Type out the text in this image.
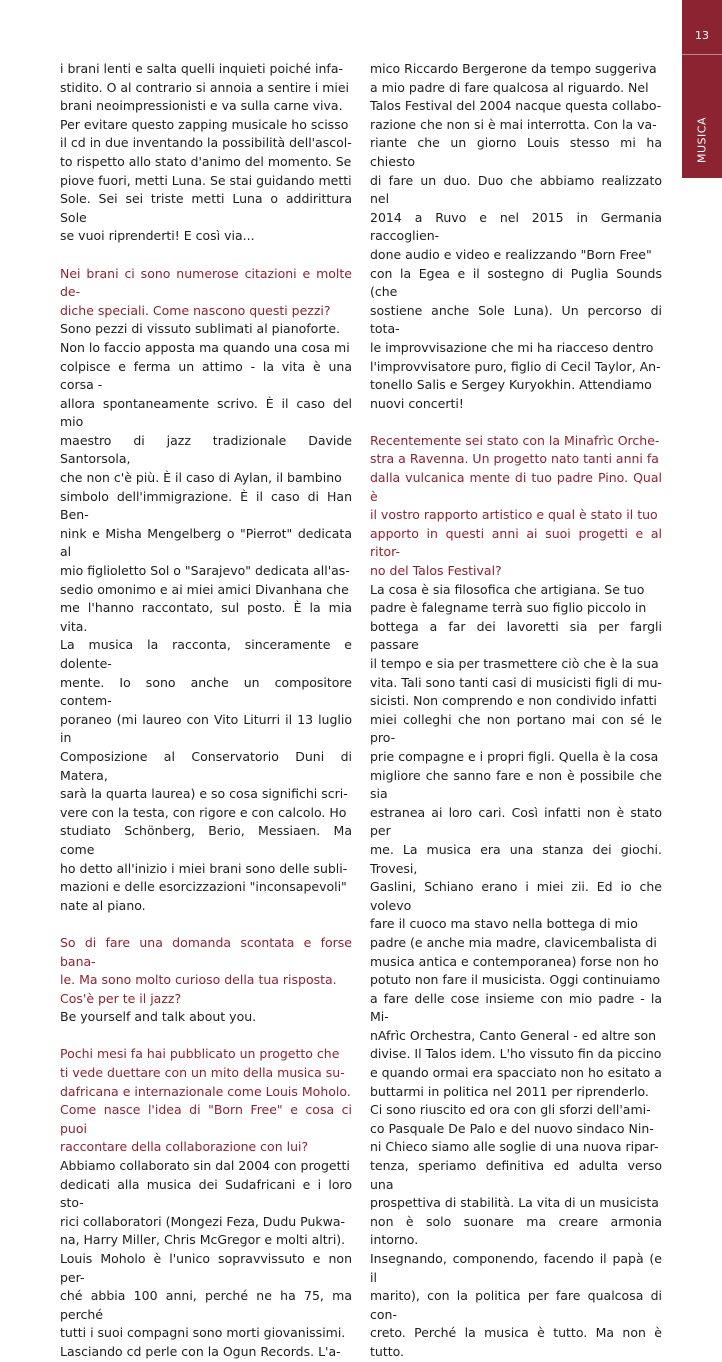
13
MUSICA

i brani lenti e salta quelli inquieti poiché infa-
stidito. O al contrario si annoia a sentire i miei
brani neoimpressionisti e va sulla carne viva.
Per evitare questo zapping musicale ho scisso
il cd in due inventando la possibilità dell'ascol-
to rispetto allo stato d'animo del momento. Se
piove fuori, metti Luna. Se stai guidando metti
Sole. Sei sei triste metti Luna o addirittura Sole
se vuoi riprenderti! E così via...

Nei brani ci sono numerose citazioni e molte de-
diche speciali. Come nascono questi pezzi?

Sono pezzi di vissuto sublimati al pianoforte.
Non lo faccio apposta ma quando una cosa mi
colpisce e ferma un attimo - la vita è una corsa -
allora spontaneamente scrivo. È il caso del mio
maestro di jazz tradizionale Davide Santorsola,
che non c'è più. È il caso di Aylan, il bambino
simbolo dell'immigrazione. È il caso di Han Ben-
nink e Misha Mengelberg o "Pierrot" dedicata al
mio figlioletto Sol o "Sarajevo" dedicata all'as-
sedio omonimo e ai miei amici Divanhana che
me l'hanno raccontato, sul posto. È la mia vita.
La musica la racconta, sinceramente e dolente-
mente. Io sono anche un compositore contem-
poraneo (mi laureo con Vito Liturri il 13 luglio in
Composizione al Conservatorio Duni di Matera,
sarà la quarta laurea) e so cosa significhi scri-
vere con la testa, con rigore e con calcolo. Ho
studiato Schönberg, Berio, Messiaen. Ma come
ho detto all'inizio i miei brani sono delle subli-
mazioni e delle esorcizzazioni "inconsapevoli"
nate al piano.

So di fare una domanda scontata e forse bana-
le. Ma sono molto curioso della tua risposta.
Cos'è per te il jazz?

Be yourself and talk about you.

Pochi mesi fa hai pubblicato un progetto che
ti vede duettare con un mito della musica su-
dafricana e internazionale come Louis Moholo.
Come nasce l'idea di "Born Free" e cosa ci puoi
raccontare della collaborazione con lui?

Abbiamo collaborato sin dal 2004 con progetti
dedicati alla musica dei Sudafricani e i loro sto-
rici collaboratori (Mongezi Feza, Dudu Pukwa-
na, Harry Miller, Chris McGregor e molti altri).
Louis Moholo è l'unico sopravvissuto e non per-
ché abbia 100 anni, perché ne ha 75, ma perché
tutti i suoi compagni sono morti giovanissimi.
Lasciando cd perle con la Ogun Records. L'a-

mico Riccardo Bergerone da tempo suggeriva
a mio padre di fare qualcosa al riguardo. Nel
Talos Festival del 2004 nacque questa collabo-
razione che non si è mai interrotta. Con la va-
riante che un giorno Louis stesso mi ha chiesto
di fare un duo. Duo che abbiamo realizzato nel
2014 a Ruvo e nel 2015 in Germania raccoglien-
done audio e video e realizzando "Born Free"
con la Egea e il sostegno di Puglia Sounds (che
sostiene anche Sole Luna). Un percorso di tota-
le improvvisazione che mi ha riacceso dentro
l'improvvisatore puro, figlio di Cecil Taylor, An-
tonello Salis e Sergey Kuryokhin. Attendiamo
nuovi concerti!

Recentemente sei stato con la Minafrìc Orche-
stra a Ravenna. Un progetto nato tanti anni fa
dalla vulcanica mente di tuo padre Pino. Qual è
il vostro rapporto artistico e qual è stato il tuo
apporto in questi anni ai suoi progetti e al ritor-
no del Talos Festival?

La cosa è sia filosofica che artigiana. Se tuo
padre è falegname terrà suo figlio piccolo in
bottega a far dei lavoretti sia per fargli passare
il tempo e sia per trasmettere ciò che è la sua
vita. Tali sono tanti casi di musicisti figli di mu-
sicisti. Non comprendo e non condivido infatti
miei colleghi che non portano mai con sé le pro-
prie compagne e i propri figli. Quella è la cosa
migliore che sanno fare e non è possibile che sia
estranea ai loro cari. Così infatti non è stato per
me. La musica era una stanza dei giochi. Trovesi,
Gaslini, Schiano erano i miei zii. Ed io che volevo
fare il cuoco ma stavo nella bottega di mio
padre (e anche mia madre, clavicembalista di
musica antica e contemporanea) forse non ho
potuto non fare il musicista. Oggi continuiamo
a fare delle cose insieme con mio padre - la Mi-
nAfrìc Orchestra, Canto General - ed altre son
divise. Il Talos idem. L'ho vissuto fin da piccino
e quando ormai era spacciato non ho esitato a
buttarmi in politica nel 2011 per riprenderlo.
Ci sono riuscito ed ora con gli sforzi dell'ami-
co Pasquale De Palo e del nuovo sindaco Nin-
ni Chieco siamo alle soglie di una nuova ripar-
tenza, speriamo definitiva ed adulta verso una
prospettiva di stabilità. La vita di un musicista
non è solo suonare ma creare armonia intorno.
Insegnando, componendo, facendo il papà (e il
marito), con la politica per fare qualcosa di con-
creto. Perché la musica è tutto. Ma non è tutto.
